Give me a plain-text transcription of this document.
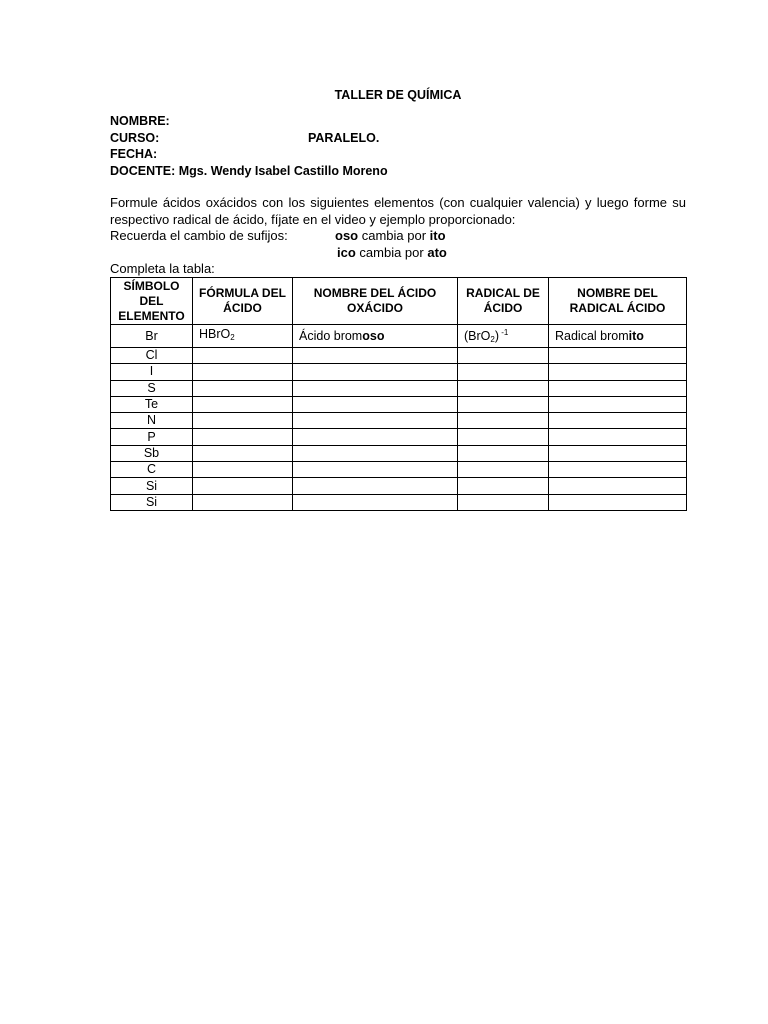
TALLER DE QUÍMICA
NOMBRE:
CURSO:	PARALELO.
FECHA:
DOCENTE: Mgs. Wendy Isabel Castillo Moreno
Formule ácidos oxácidos con los siguientes elementos (con cualquier valencia) y luego forme su
respectivo radical de ácido, fíjate en el video y ejemplo proporcionado:
Recuerda el cambio de sufijos:	oso cambia por ito
ico cambia por ato
Completa la tabla:
SÍMBOLO DEL ELEMENTO	FÓRMULA DEL ÁCIDO	NOMBRE DEL ÁCIDO OXÁCIDO	RADICAL DE ÁCIDO	NOMBRE DEL RADICAL ÁCIDO
Br	HBrO$_2$	Ácido bromoso	(BrO$_2$) $^{-1}$	Radical bromito
Cl				
I				
S				
Te				
N				
P				
Sb				
C				
Si				
Si				
